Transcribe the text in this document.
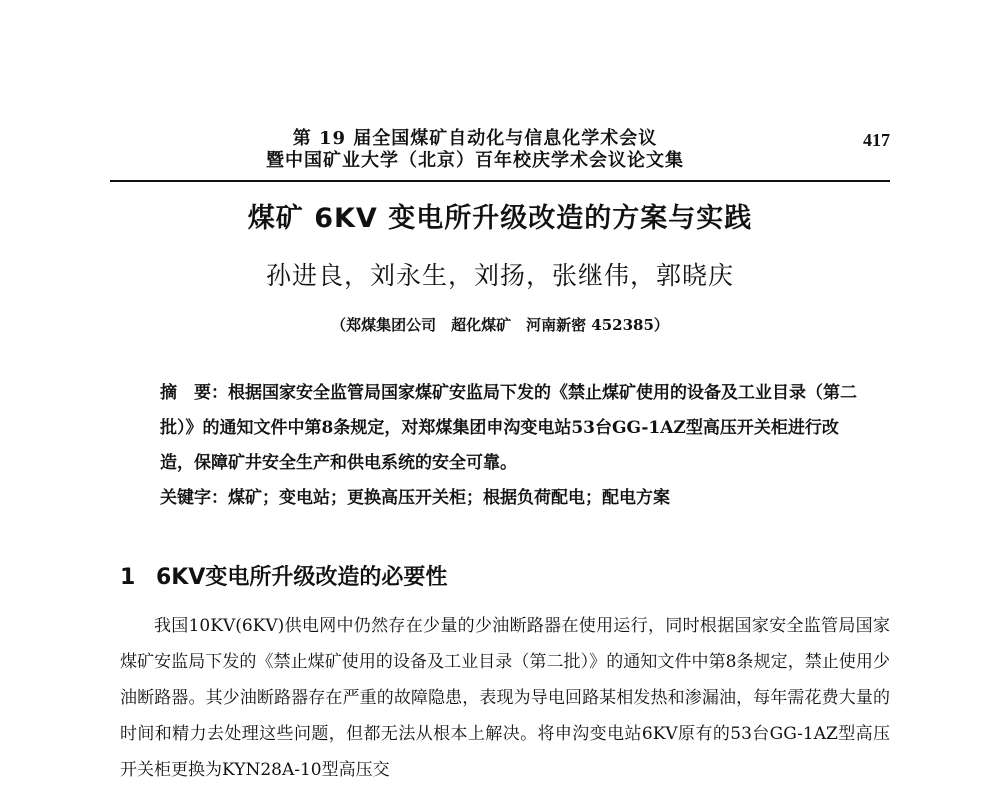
第 19 届全国煤矿自动化与信息化学术会议
暨中国矿业大学（北京）百年校庆学术会议论文集
417
煤矿 6KV 变电所升级改造的方案与实践
孙进良，刘永生，刘扬，张继伟，郭晓庆
（郑煤集团公司　超化煤矿　河南新密 452385）
摘　要：根据国家安全监管局国家煤矿安监局下发的《禁止煤矿使用的设备及工业目录（第二批）》的通知文件中第8条规定，对郑煤集团申沟变电站53台GG-1AZ型高压开关柜进行改造，保障矿井安全生产和供电系统的安全可靠。
关键字：煤矿；变电站；更换高压开关柜；根据负荷配电；配电方案
1 6KV变电所升级改造的必要性
我国10KV(6KV)供电网中仍然存在少量的少油断路器在使用运行，同时根据国家安全监管局国家煤矿安监局下发的《禁止煤矿使用的设备及工业目录（第二批）》的通知文件中第8条规定，禁止使用少油断路器。其少油断路器存在严重的故障隐患，表现为导电回路某相发热和渗漏油，每年需花费大量的时间和精力去处理这些问题，但都无法从根本上解决。将申沟变电站6KV原有的53台GG-1AZ型高压开关柜更换为KYN28A-10型高压交
